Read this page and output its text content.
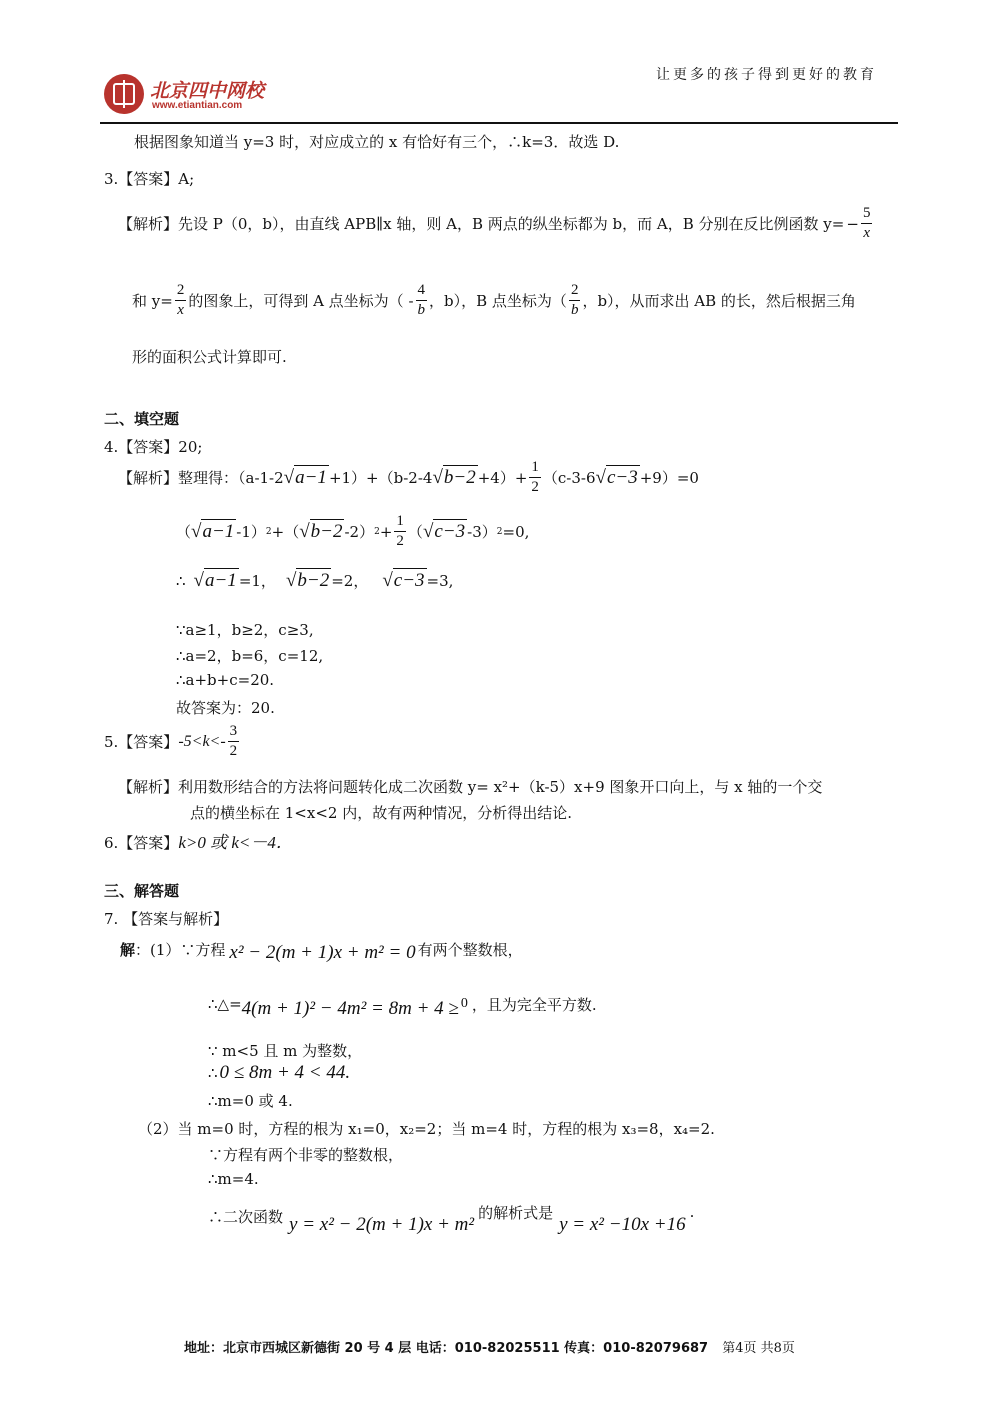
北京四中网校
www.etiantian.com
让更多的孩子得到更好的教育
根据图象知道当 y=3 时，对应成立的 x 有恰好有三个，∴k=3．故选 D.
3.【答案】A;
【解析】先设 P（0，b），由直线 APB∥x 轴，则 A，B 两点的纵坐标都为 b，而 A，B 分别在反比例函数 $y= - \frac{5}{x}$
和 $y= \frac{2}{x}$ 的图象上，可得到 A 点坐标为（ - $\frac{4}{b}$ ，b），B 点坐标为（ $\frac{2}{b}$ ，b），从而求出 AB 的长，然后根据三角
形的面积公式计算即可.
二、填空题
4.【答案】20;
【解析】整理得：（a-1-2 √a−1 +1）+（b-2-4 $√b-2 +4)+ \frac{1}{2} (c-3-6$ √c−3 +9）=0
（ √a−1 -1） 2 +（ √b−2 -2） $2 + \frac{1}{2}$ （ √c−3 -3） 2 =0,
∴ √a−1 =1， √b−2 =2， √c−3 =3,
∵a≥1，b≥2，c≥3,
∴a=2，b=6，c=12,
∴a+b+c=20.
故答案为：20.
5.【答案】 $-5<k<- \frac{3}{2}$
【解析】利用数形结合的方法将问题转化成二次函数 y= x²+（k-5）x+9 图象开口向上，与 x 轴的一个交
点的横坐标在 1<x<2 内，故有两种情况，分析得出结论.
6.【答案】k>0 或 k<－4．
三、解答题
7. 【答案与解析】
解 ：(1）∵方程 x² − 2(m + 1)x + m² = 0 有两个整数根，
∴△= 4(m + 1)² − 4m² = 8m + 4 ≥ 0 ，且为完全平方数.
∵ m<5 且 m 为整数，
∴ 0 ≤ 8m + 4 < 44.
∴m=0 或 4.
（2）当 m=0 时，方程的根为 x₁=0，x₂=2；当 m=4 时，方程的根为 x₃=8，x₄=2.
∵方程有两个非零的整数根，
∴m=4.
∴二次函数 y = x² − 2(m + 1)x + m²
的解析式是
y = x² −10x +16 ·
地址：北京市西城区新德街 20 号 4 层 电话：010-82025511 传真：010-82079687 第4页 共8页
